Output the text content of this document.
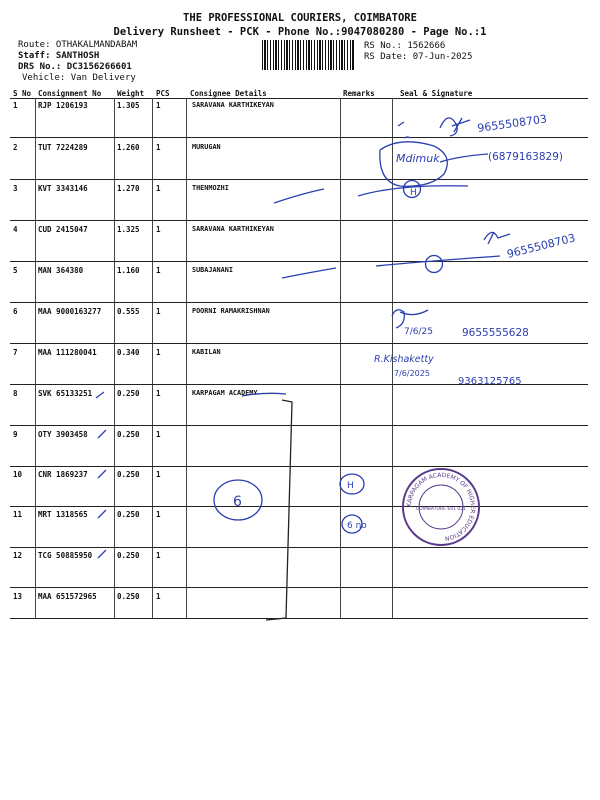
THE PROFESSIONAL COURIERS, COIMBATORE
Delivery Runsheet - PCK - Phone No.:9047080280 - Page No.:1
Route: OTHAKALMANDABAM
Staff: SANTHOSH
DRS No.: DC3156266601
Vehicle: Van Delivery
RS No.: 1562666
RS Date: 07-Jun-2025
S No Consignment No Weight PCS	Consignee Details	Remarks	Seal & Signature
1	RJP 1206193	1.305 1	SARAVANA KARTHIKEYAN
2	TUT 7224289	1.260 1	MURUGAN
3	KVT 3343146	1.270 1	THENMOZHI
4	CUD 2415047	1.325 1	SARAVANA KARTHIKEYAN
5	MAN 364380	1.160 1	SUBAJANANI
6	MAA 9000163277 0.555 1	POORNI RAMAKRISHNAN
7	MAA 111280041	0.340 1	KABILAN
8	SVK 65133251	0.250 1	KARPAGAM ACADEMY
9	OTY 3903458	0.250 1
10 CNR 1869237	0.250 1
11 MRT 1318565	0.250 1
12 TCG 50885950	0.250 1
13 MAA 651572965	0.250 1
9655508703
Mdimuk	(6879163829)
H
9655508703
7/6/25	9655555628
R.Kishaketty
7/6/2025
9363125765
6
H
6 no
KARPAGAM ACADEMY OF HIGHER EDUCATION
COIMBATORE 641 021
